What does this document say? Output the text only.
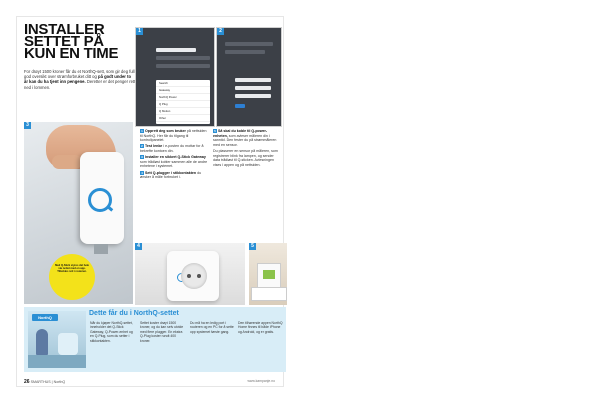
INSTALLER
SETTET PÅ
KUN EN TIME
For drøyt 1500 kroner får du et NorthQ-sett, som gir deg full god oversikt over strømforbruket ditt og på godt under to år kan du ha tjent inn pengene. Deretter er det penger rett ned i lommen.
1
Search
Gateway
NorthQ Power
Q Plug
Q Motion
Other
2
3
Med Q-Stick styres det hele via nettet med en app. Tilkobles rett i routeren.
1 Opprett deg som bruker på nettsiden til NorthQ. Her får du tilgang til kontrollpanelet.
2 Test lenke i e-posten du mottar for å bekrefte kontoen din.
3 Installer en sikkert Q-Stick Gateway som trådløst kobler sammen alle de andre enhetene i systemet.
4 Sett Q-plugger i stikkontakten du ønsker å måle forbruket i.
5 Så skal du koble til Q-power-enheten, som avleser måleren din i sanntid. Den fester du på strømmåleren med en sensor.
Du plasserer en sensor på måleren, som registrerer blink fra lampen, og sender data trådløst til Q-sticken. Avlesningen vises i appen og på nettsiden.
4	5
NorthQ
Dette får du i NorthQ-settet
Når du kjøper NorthQ-settet, inneholder det Q-Stick Gateway, Q-Power-enhet og en Q-Plug, som du setter i stikkontakten.
Settet koster drøyt 1500 kroner, og du kan selv utvide med flere plugger. En ekstra Q-Plug koster rundt 400 kroner.
Du må ha en ledig port i routeren og en PC for å sette opp systemet første gang.
Den tilhørende appen NorthQ Home finnes til både iPhone og Android, og er gratis.
26 SMARTHUS | NorthQ	www.kampanje.no
